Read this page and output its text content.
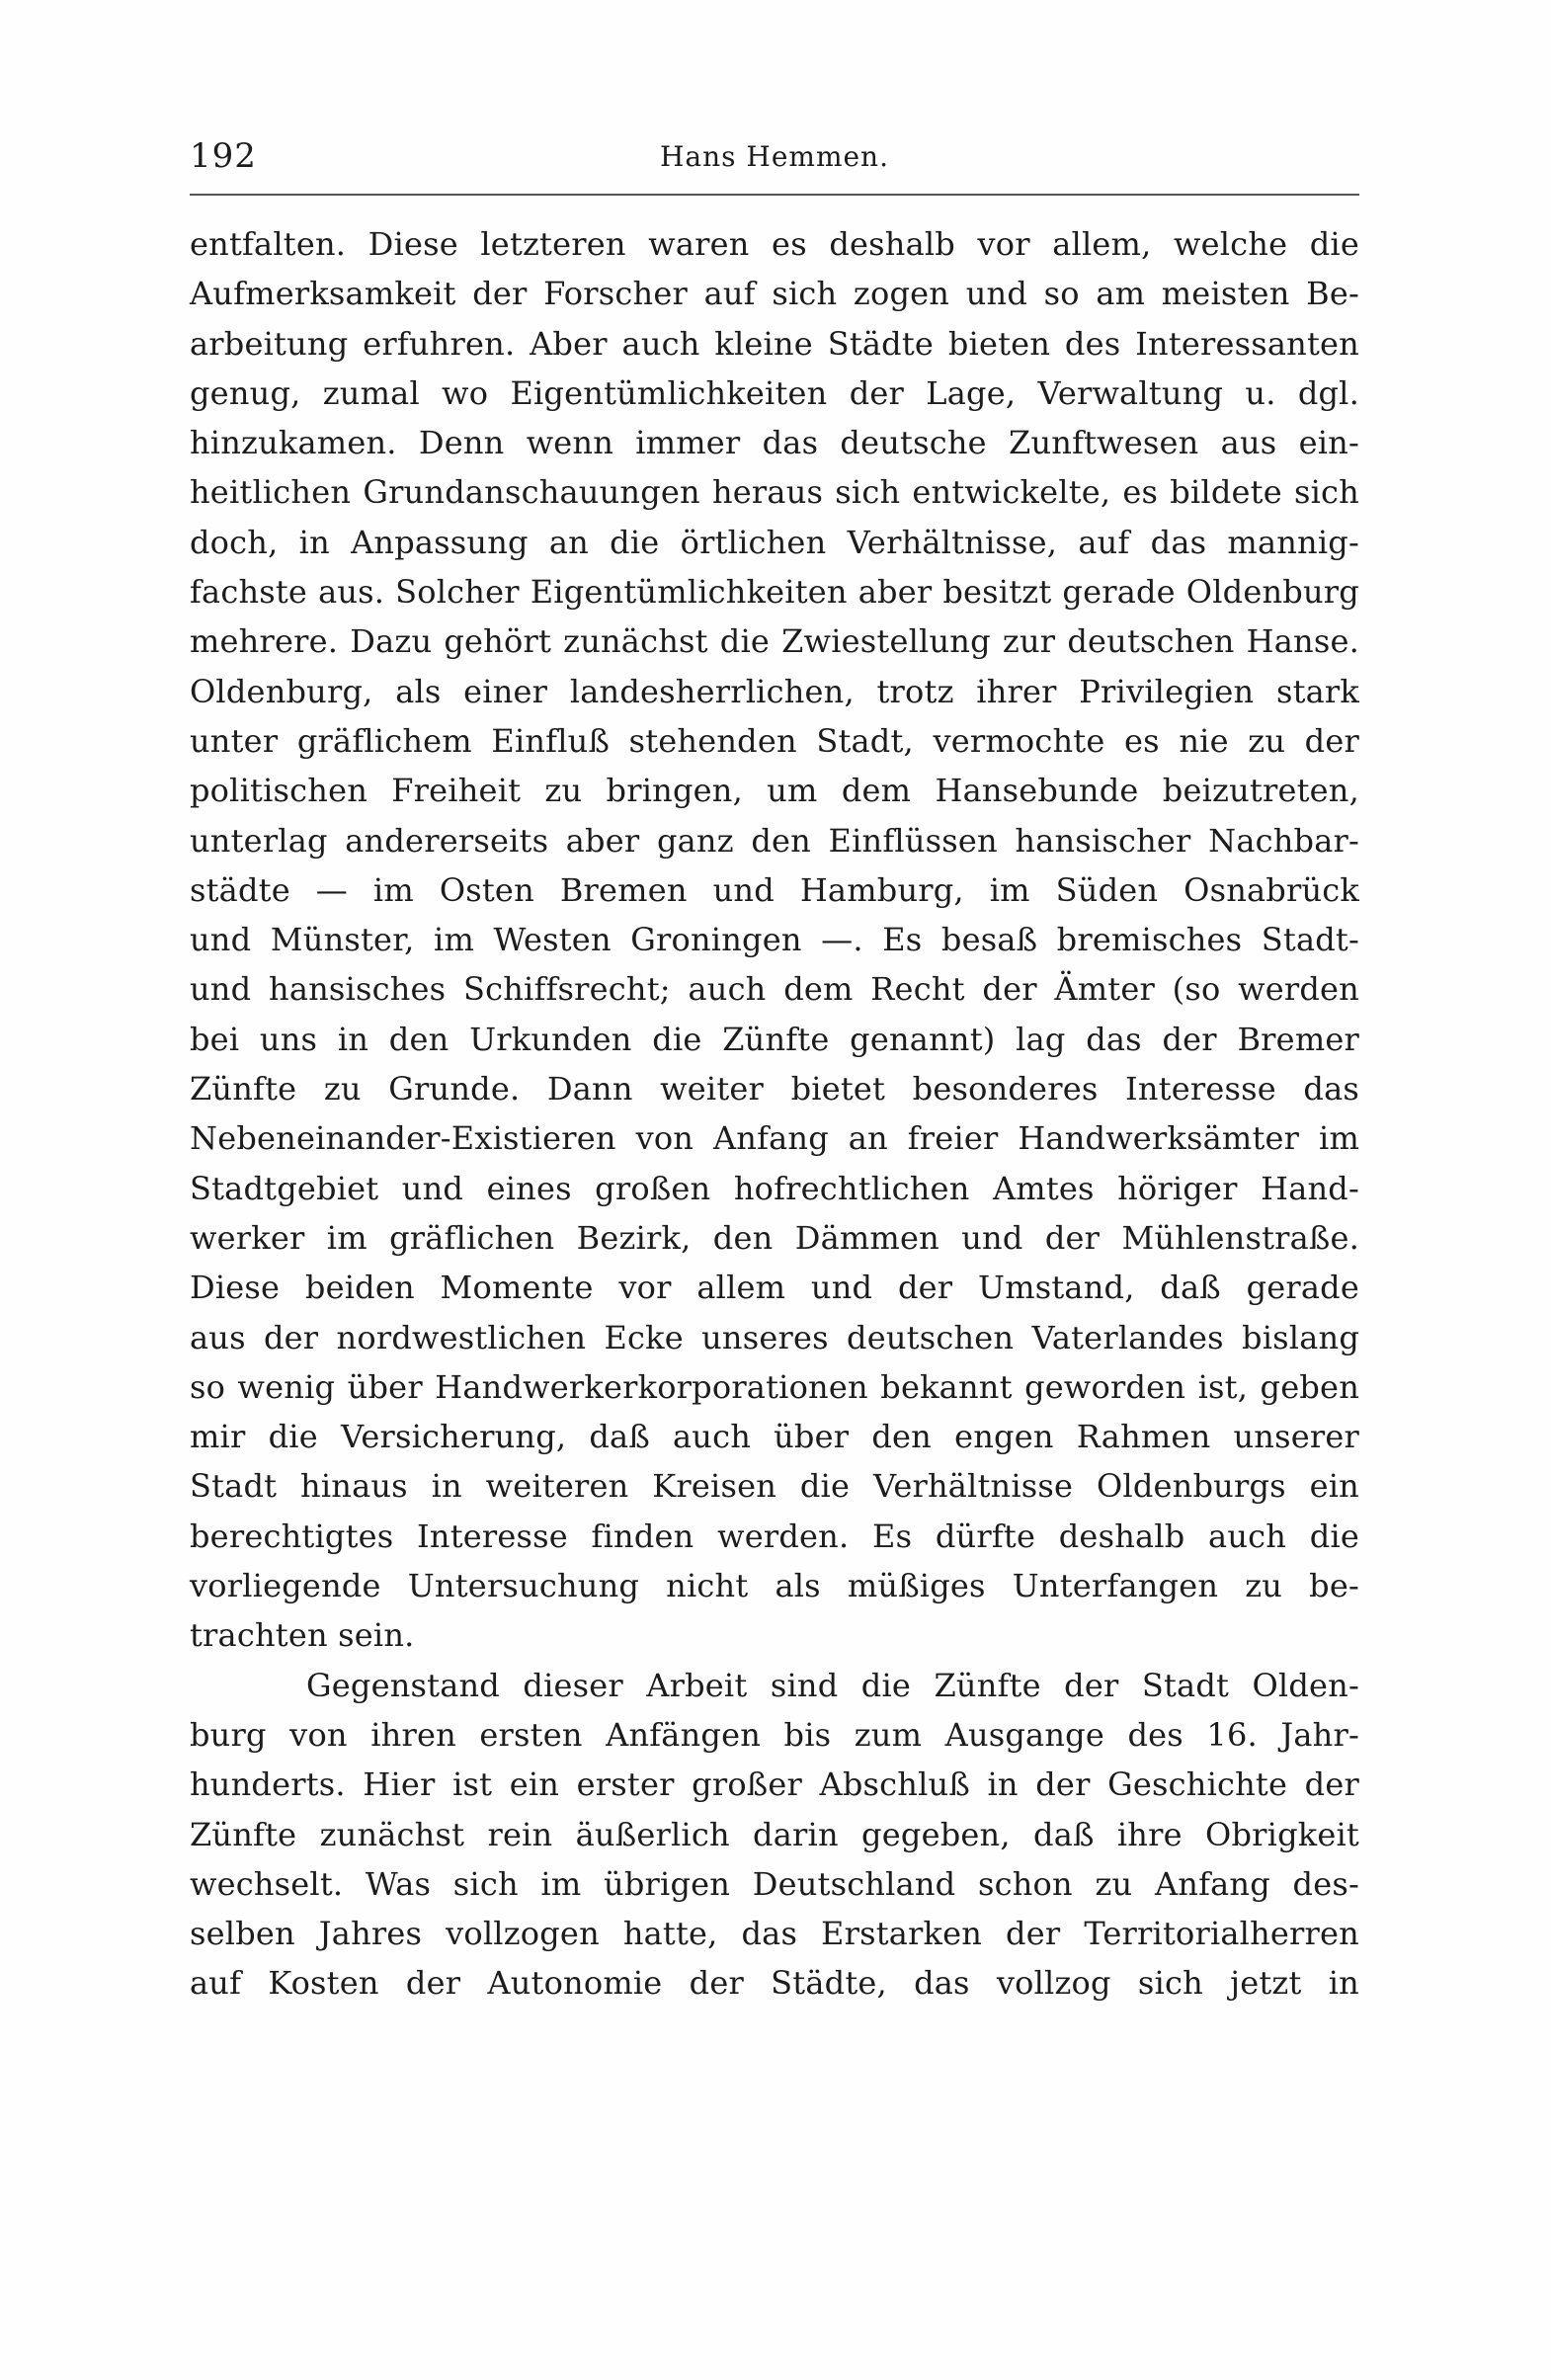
192	Hans Hemmen.
entfalten. Diese letzteren waren es deshalb vor allem, welche die
Aufmerksamkeit der Forscher auf sich zogen und so am meisten Be-
arbeitung erfuhren. Aber auch kleine Städte bieten des Interessanten
genug, zumal wo Eigentümlichkeiten der Lage, Verwaltung u. dgl.
hinzukamen. Denn wenn immer das deutsche Zunftwesen aus ein-
heitlichen Grundanschauungen heraus sich entwickelte, es bildete sich
doch, in Anpassung an die örtlichen Verhältnisse, auf das mannig-
fachste aus. Solcher Eigentümlichkeiten aber besitzt gerade Oldenburg
mehrere. Dazu gehört zunächst die Zwiestellung zur deutschen Hanse.
Oldenburg, als einer landesherrlichen, trotz ihrer Privilegien stark
unter gräflichem Einfluß stehenden Stadt, vermochte es nie zu der
politischen Freiheit zu bringen, um dem Hansebunde beizutreten,
unterlag andererseits aber ganz den Einflüssen hansischer Nachbar-
städte — im Osten Bremen und Hamburg, im Süden Osnabrück
und Münster, im Westen Groningen —. Es besaß bremisches Stadt-
und hansisches Schiffsrecht; auch dem Recht der Ämter (so werden
bei uns in den Urkunden die Zünfte genannt) lag das der Bremer
Zünfte zu Grunde. Dann weiter bietet besonderes Interesse das
Nebeneinander-Existieren von Anfang an freier Handwerksämter im
Stadtgebiet und eines großen hofrechtlichen Amtes höriger Hand-
werker im gräflichen Bezirk, den Dämmen und der Mühlenstraße.
Diese beiden Momente vor allem und der Umstand, daß gerade
aus der nordwestlichen Ecke unseres deutschen Vaterlandes bislang
so wenig über Handwerkerkorporationen bekannt geworden ist, geben
mir die Versicherung, daß auch über den engen Rahmen unserer
Stadt hinaus in weiteren Kreisen die Verhältnisse Oldenburgs ein
berechtigtes Interesse finden werden. Es dürfte deshalb auch die
vorliegende Untersuchung nicht als müßiges Unterfangen zu be-
trachten sein.
Gegenstand dieser Arbeit sind die Zünfte der Stadt Olden-
burg von ihren ersten Anfängen bis zum Ausgange des 16. Jahr-
hunderts. Hier ist ein erster großer Abschluß in der Geschichte der
Zünfte zunächst rein äußerlich darin gegeben, daß ihre Obrigkeit
wechselt. Was sich im übrigen Deutschland schon zu Anfang des-
selben Jahres vollzogen hatte, das Erstarken der Territorialherren
auf Kosten der Autonomie der Städte, das vollzog sich jetzt in
